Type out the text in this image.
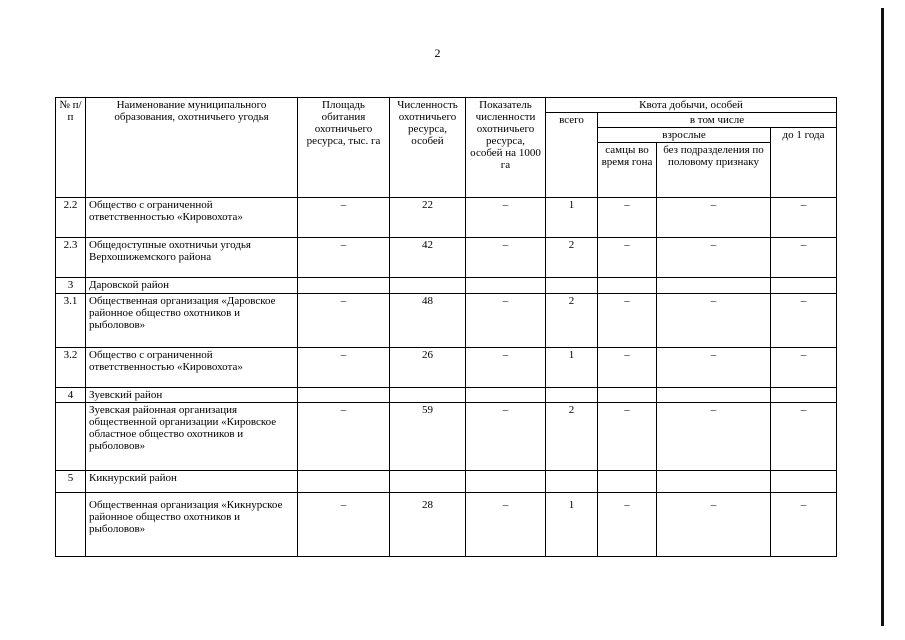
2
№ п/п	Наименование муниципального образования, охотничьего угодья	Площадь обитания охотничьего ресурса, тыс. га	Численность охотничьего ресурса, особей	Показатель численности охотничьего ресурса, особей на 1000 га	Квота добычи, особей			
					всего	в том числе		
						взрослые		до 1 года
						самцы во время гона	без подразделения по половому признаку	
2.2	Общество с ограниченной ответственностью «Кировохота»	–	22	–	1	–	–	–
2.3	Общедоступные охотничьи угодья Верхошижемского района	–	42	–	2	–	–	–
3	Даровской район							
3.1	Общественная организация «Даровское районное общество охотников и рыболовов»	–	48	–	2	–	–	–
3.2	Общество с ограниченной ответственностью «Кировохота»	–	26	–	1	–	–	–
4	Зуевский район							
	Зуевская районная организация общественной организации «Кировское областное общество охотников и рыболовов»	–	59	–	2	–	–	–
5	Кикнурский район							
	Общественная организация «Кикнурское районное общество охотников и рыболовов»	–	28	–	1	–	–	–
